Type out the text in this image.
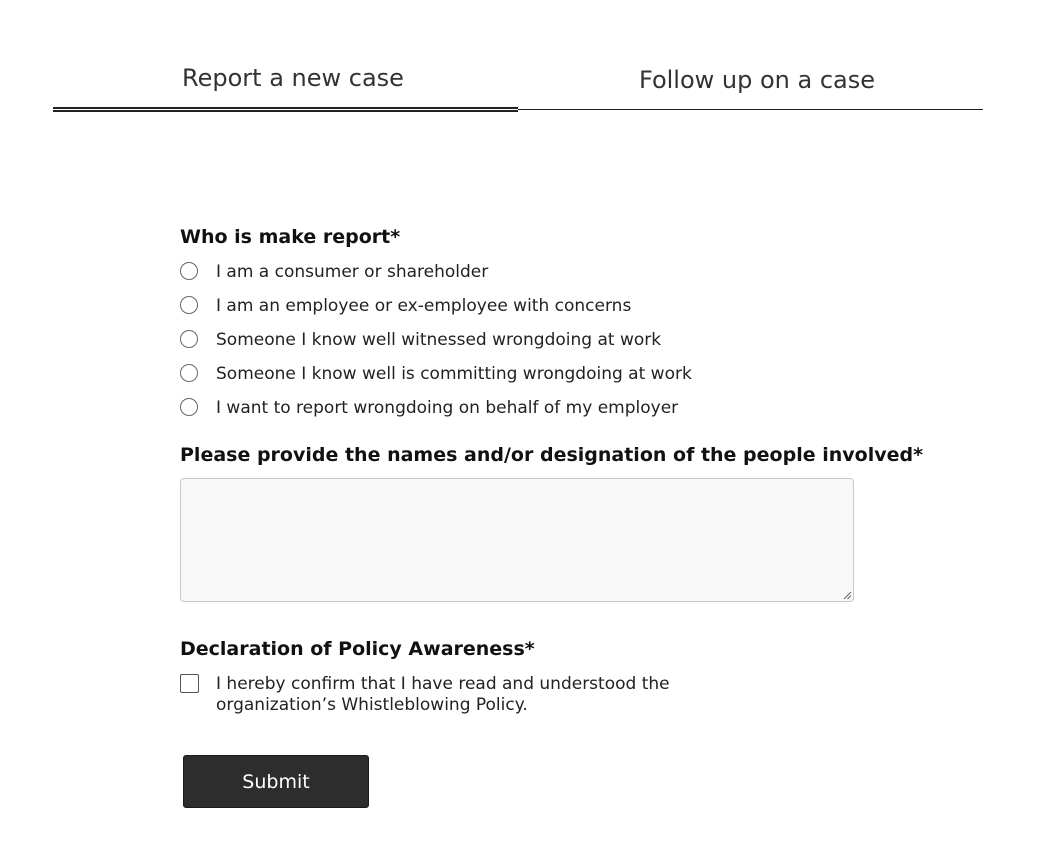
Report a new case	Follow up on a case
Who is make report*
I am a consumer or shareholder
I am an employee or ex-employee with concerns
Someone I know well witnessed wrongdoing at work
Someone I know well is committing wrongdoing at work
I want to report wrongdoing on behalf of my employer
Please provide the names and/or designation of the people involved*
Declaration of Policy Awareness*
I hereby confirm that I have read and understood the organization’s Whistleblowing Policy.
Submit
